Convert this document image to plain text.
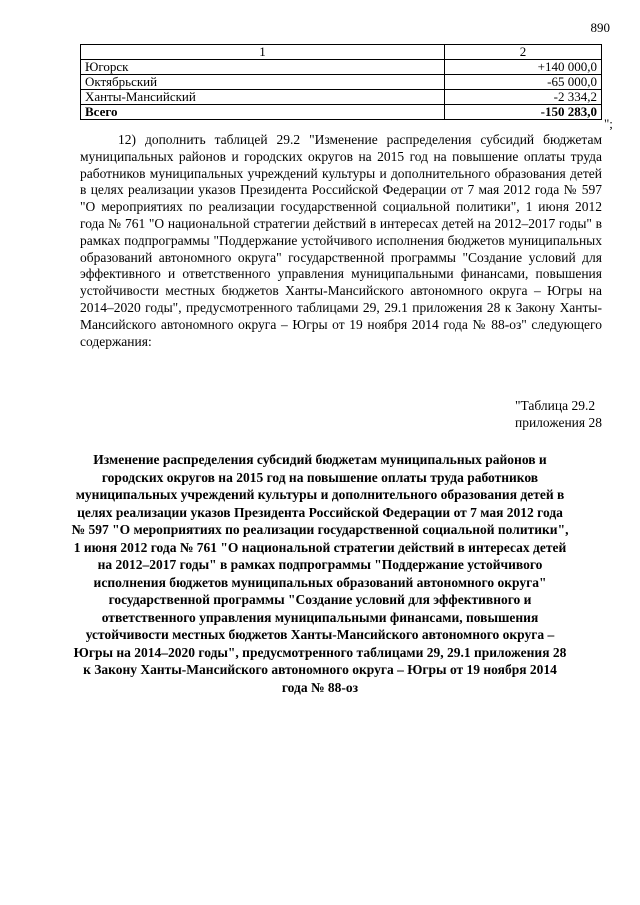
890
1	2
Югорск	+140 000,0
Октябрьский	-65 000,0
Ханты-Мансийский	-2 334,2
Всего	-150 283,0
";

12) дополнить таблицей 29.2 "Изменение распределения субсидий бюджетам муниципальных районов и городских округов на 2015 год на повышение оплаты труда работников муниципальных учреждений культуры и дополнительного образования детей в целях реализации указов Президента Российской Федерации от 7 мая 2012 года № 597 "О мероприятиях по реализации государственной социальной политики", 1 июня 2012 года № 761 "О национальной стратегии действий в интересах детей на 2012–2017 годы" в рамках подпрограммы "Поддержание устойчивого исполнения бюджетов муниципальных образований автономного округа" государственной программы "Создание условий для эффективного и ответственного управления муниципальными финансами, повышения устойчивости местных бюджетов Ханты-Мансийского автономного округа – Югры на 2014–2020 годы", предусмотренного таблицами 29, 29.1 приложения 28 к Закону Ханты-Мансийского автономного округа – Югры от 19 ноября 2014 года № 88-оз" следующего содержания:

"Таблица 29.2
приложения 28

Изменение распределения субсидий бюджетам муниципальных районов и городских округов на 2015 год на повышение оплаты труда работников муниципальных учреждений культуры и дополнительного образования детей в целях реализации указов Президента Российской Федерации от 7 мая 2012 года № 597 "О мероприятиях по реализации государственной социальной политики", 1 июня 2012 года № 761 "О национальной стратегии действий в интересах детей на 2012–2017 годы" в рамках подпрограммы "Поддержание устойчивого исполнения бюджетов муниципальных образований автономного округа" государственной программы "Создание условий для эффективного и ответственного управления муниципальными финансами, повышения устойчивости местных бюджетов Ханты-Мансийского автономного округа – Югры на 2014–2020 годы", предусмотренного таблицами 29, 29.1 приложения 28 к Закону Ханты-Мансийского автономного округа – Югры от 19 ноября 2014 года № 88-оз
